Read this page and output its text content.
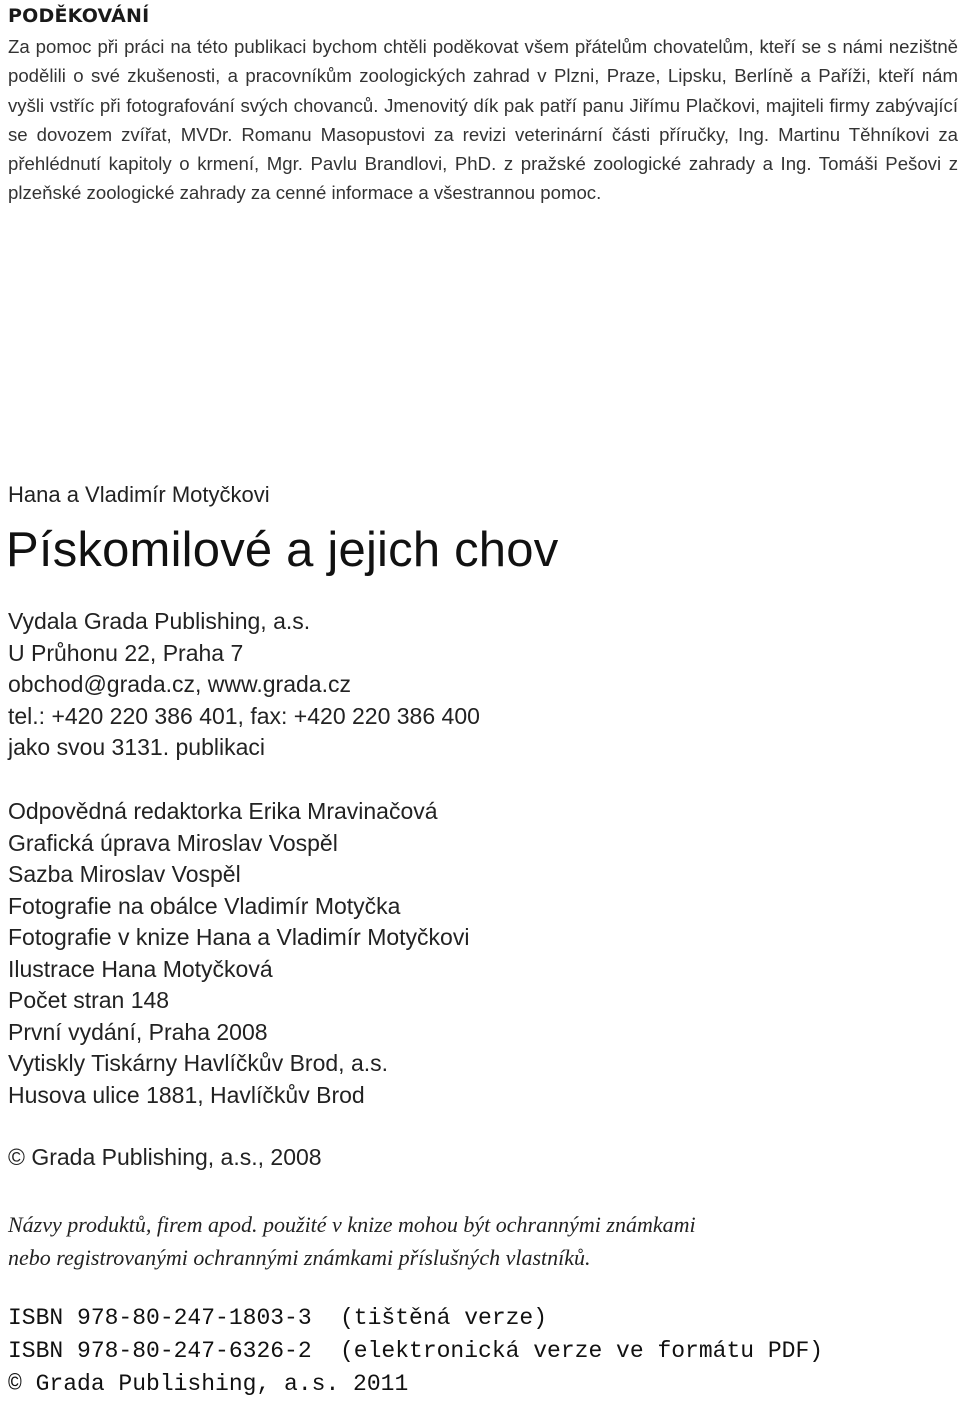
PODĚKOVÁNÍ

Za pomoc při práci na této publikaci bychom chtěli poděkovat všem přátelům chovatelům, kteří se s námi nezištně podělili o své zkušenosti, a pracovníkům zoologických zahrad v Plzni, Praze, Lipsku, Berlíně a Paříži, kteří nám vyšli vstříc při fotografování svých chovanců. Jmenovitý dík pak patří panu Jiřímu Plačkovi, majiteli firmy zabývající se dovozem zvířat, MVDr. Romanu Masopustovi za revizi veterinární části příručky, Ing. Martinu Těhníkovi za přehlédnutí kapitoly o krmení, Mgr. Pavlu Brandlovi, PhD. z pražské zoologické zahrady a Ing. Tomáši Pešovi z plzeňské zoologické zahrady za cenné informace a všestrannou pomoc.

Hana a Vladimír Motyčkovi
Pískomilové a jejich chov
Vydala Grada Publishing, a.s.
U Průhonu 22, Praha 7
obchod@grada.cz, www.grada.cz
tel.: +420 220 386 401, fax: +420 220 386 400
jako svou 3131. publikaci
Odpovědná redaktorka Erika Mravinačová
Grafická úprava Miroslav Vospěl
Sazba Miroslav Vospěl
Fotografie na obálce Vladimír Motyčka
Fotografie v knize Hana a Vladimír Motyčkovi
Ilustrace Hana Motyčková
Počet stran 148
První vydání, Praha 2008
Vytiskly Tiskárny Havlíčkův Brod, a.s.
Husova ulice 1881, Havlíčkův Brod
© Grada Publishing, a.s., 2008
Názvy produktů, firem apod. použité v knize mohou být ochrannými známkami
nebo registrovanými ochrannými známkami příslušných vlastníků.
ISBN 978-80-247-1803-3 (tištěná verze)
ISBN 978-80-247-6326-2 (elektronická verze ve formátu PDF)
© Grada Publishing, a.s. 2011
